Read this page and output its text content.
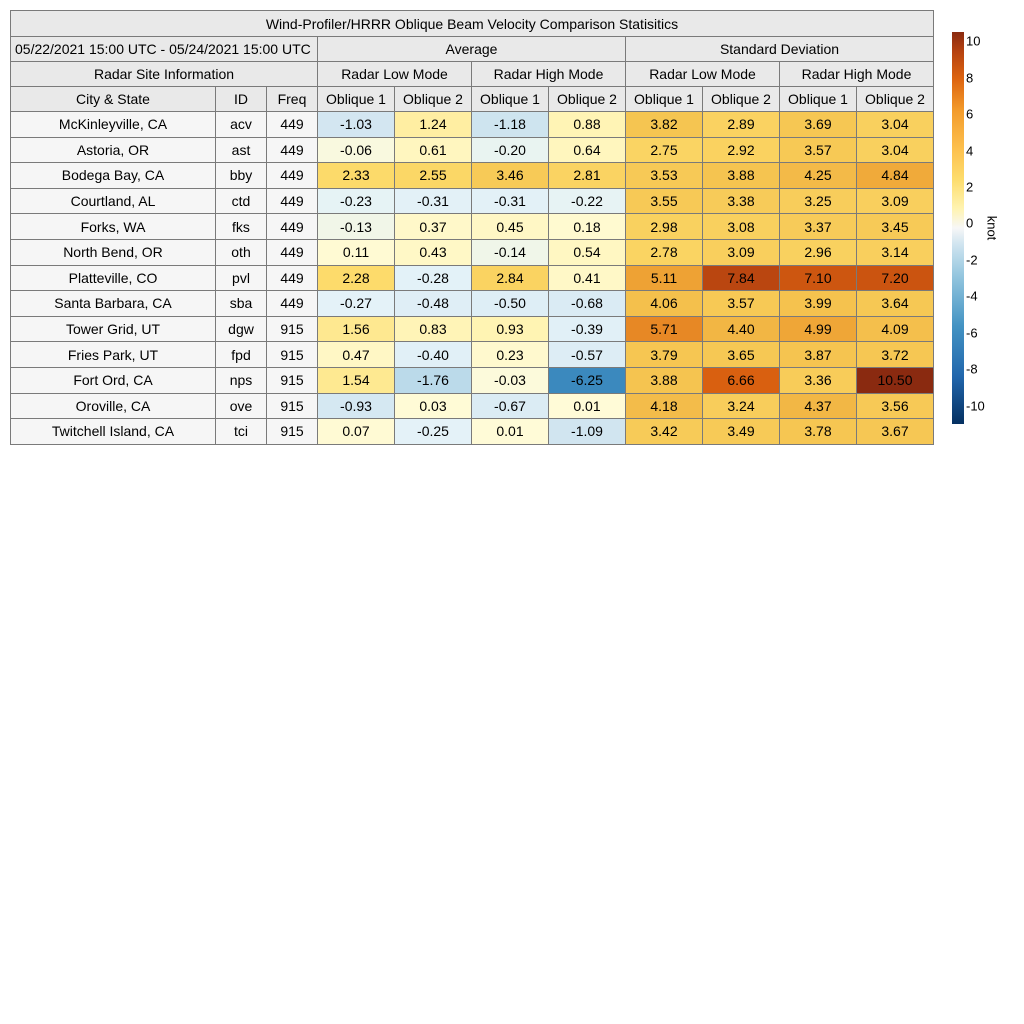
Wind-Profiler/HRRR Oblique Beam Velocity Comparison Statisitics										
05/22/2021 15:00 UTC - 05/24/2021 15:00 UTC			Average				Standard Deviation			
Radar Site Information			Radar Low Mode		Radar High Mode		Radar Low Mode		Radar High Mode	
City & State	ID	Freq	Oblique 1	Oblique 2	Oblique 1	Oblique 2	Oblique 1	Oblique 2	Oblique 1	Oblique 2
McKinleyville, CA	acv	449	-1.03	1.24	-1.18	0.88	3.82	2.89	3.69	3.04
Astoria, OR	ast	449	-0.06	0.61	-0.20	0.64	2.75	2.92	3.57	3.04
Bodega Bay, CA	bby	449	2.33	2.55	3.46	2.81	3.53	3.88	4.25	4.84
Courtland, AL	ctd	449	-0.23	-0.31	-0.31	-0.22	3.55	3.38	3.25	3.09
Forks, WA	fks	449	-0.13	0.37	0.45	0.18	2.98	3.08	3.37	3.45
North Bend, OR	oth	449	0.11	0.43	-0.14	0.54	2.78	3.09	2.96	3.14
Platteville, CO	pvl	449	2.28	-0.28	2.84	0.41	5.11	7.84	7.10	7.20
Santa Barbara, CA	sba	449	-0.27	-0.48	-0.50	-0.68	4.06	3.57	3.99	3.64
Tower Grid, UT	dgw	915	1.56	0.83	0.93	-0.39	5.71	4.40	4.99	4.09
Fries Park, UT	fpd	915	0.47	-0.40	0.23	-0.57	3.79	3.65	3.87	3.72
Fort Ord, CA	nps	915	1.54	-1.76	-0.03	-6.25	3.88	6.66	3.36	10.50
Oroville, CA	ove	915	-0.93	0.03	-0.67	0.01	4.18	3.24	4.37	3.56
Twitchell Island, CA	tci	915	0.07	-0.25	0.01	-1.09	3.42	3.49	3.78	3.67
10
8
6
4
2
0
-2
-4
-6
-8
-10
knot
